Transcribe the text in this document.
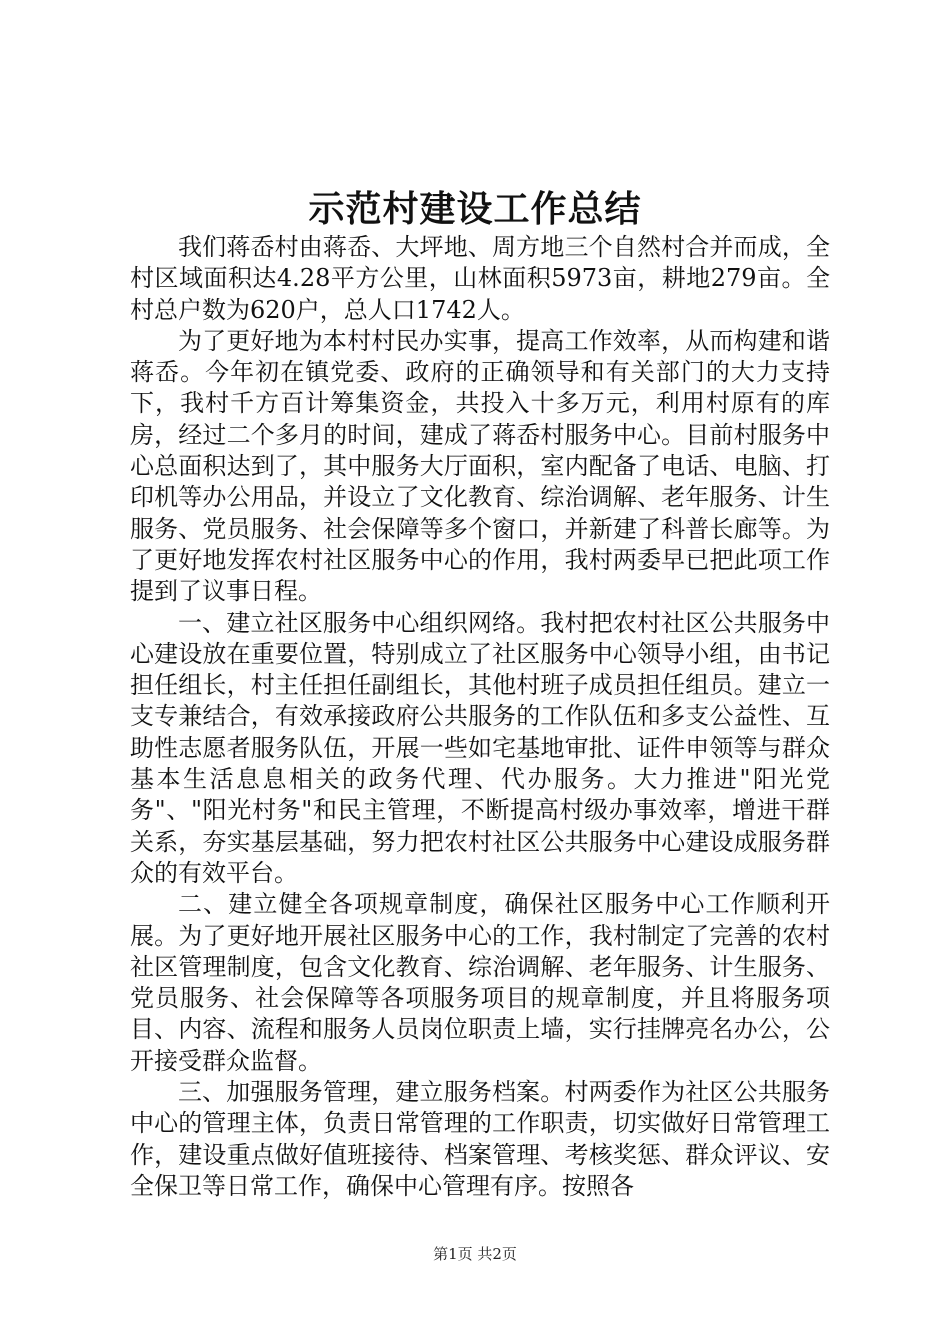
示范村建设工作总结

我们蒋岙村由蒋岙、大坪地、周方地三个自然村合并而成，全村区域面积达4.28平方公里，山林面积5973亩，耕地279亩。全村总户数为620户，总人口1742人。

为了更好地为本村村民办实事，提高工作效率，从而构建和谐蒋岙。今年初在镇党委、政府的正确领导和有关部门的大力支持下，我村千方百计筹集资金，共投入十多万元，利用村原有的库房，经过二个多月的时间，建成了蒋岙村服务中心。目前村服务中心总面积达到了，其中服务大厅面积，室内配备了电话、电脑、打印机等办公用品，并设立了文化教育、综治调解、老年服务、计生服务、党员服务、社会保障等多个窗口，并新建了科普长廊等。为了更好地发挥农村社区服务中心的作用，我村两委早已把此项工作提到了议事日程。

一、建立社区服务中心组织网络。我村把农村社区公共服务中心建设放在重要位置，特别成立了社区服务中心领导小组，由书记担任组长，村主任担任副组长，其他村班子成员担任组员。建立一支专兼结合，有效承接政府公共服务的工作队伍和多支公益性、互助性志愿者服务队伍，开展一些如宅基地审批、证件申领等与群众基本生活息息相关的政务代理、代办服务。大力推进"阳光党务"、"阳光村务"和民主管理，不断提高村级办事效率，增进干群关系，夯实基层基础，努力把农村社区公共服务中心建设成服务群众的有效平台。

二、建立健全各项规章制度，确保社区服务中心工作顺利开展。为了更好地开展社区服务中心的工作，我村制定了完善的农村社区管理制度，包含文化教育、综治调解、老年服务、计生服务、党员服务、社会保障等各项服务项目的规章制度，并且将服务项目、内容、流程和服务人员岗位职责上墙，实行挂牌亮名办公，公开接受群众监督。

三、加强服务管理，建立服务档案。村两委作为社区公共服务中心的管理主体，负责日常管理的工作职责，切实做好日常管理工作，建设重点做好值班接待、档案管理、考核奖惩、群众评议、安全保卫等日常工作，确保中心管理有序。按照各

第1页 共2页
